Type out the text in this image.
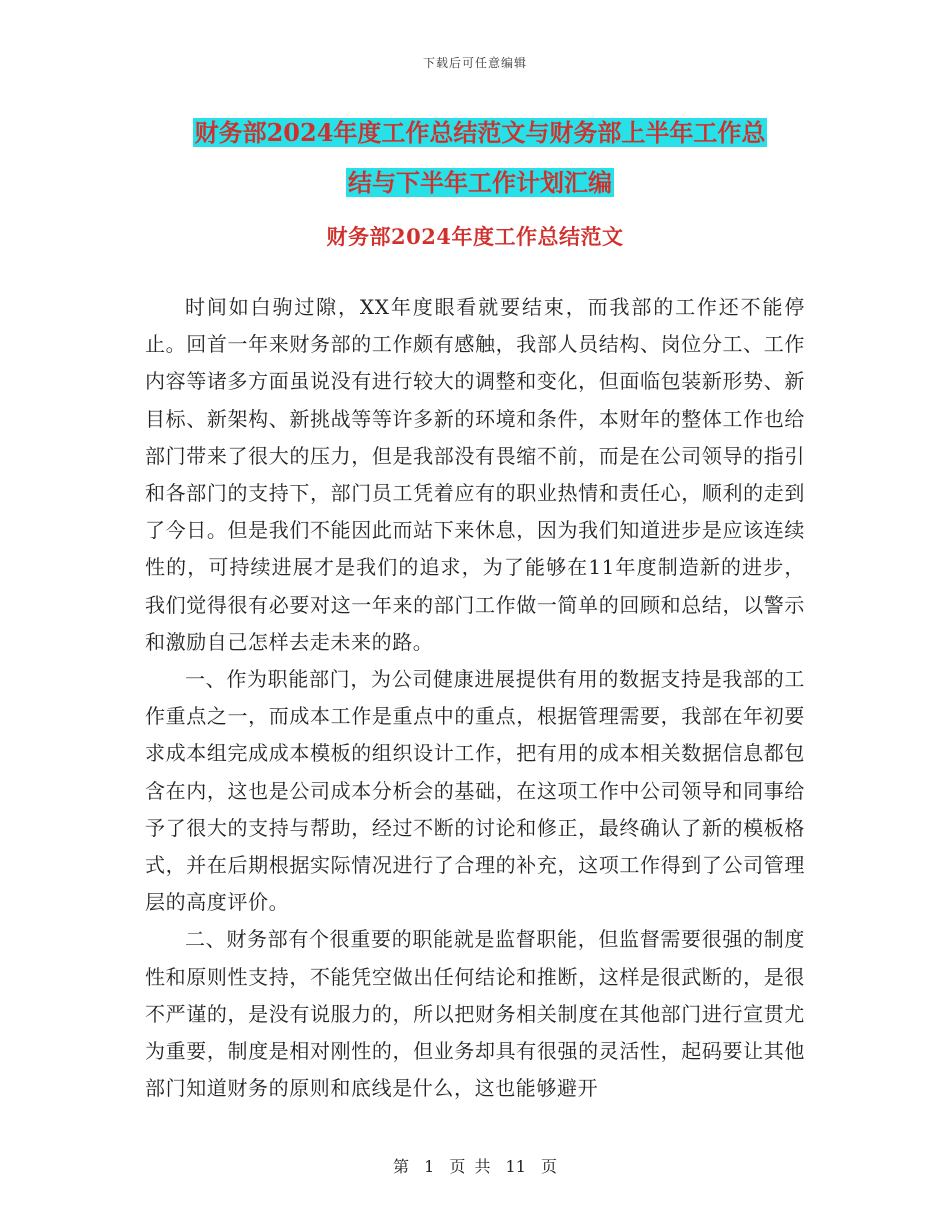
下载后可任意编辑
财务部2024年度工作总结范文与财务部上半年工作总
结与下半年工作计划汇编
财务部2024年度工作总结范文

时间如白驹过隙，XX年度眼看就要结束，而我部的工作还不能停止。回首一年来财务部的工作颇有感触，我部人员结构、岗位分工、工作内容等诸多方面虽说没有进行较大的调整和变化，但面临包装新形势、新目标、新架构、新挑战等等许多新的环境和条件，本财年的整体工作也给部门带来了很大的压力，但是我部没有畏缩不前，而是在公司领导的指引和各部门的支持下，部门员工凭着应有的职业热情和责任心，顺利的走到了今日。但是我们不能因此而站下来休息，因为我们知道进步是应该连续性的，可持续进展才是我们的追求，为了能够在11年度制造新的进步，我们觉得很有必要对这一年来的部门工作做一简单的回顾和总结，以警示和激励自己怎样去走未来的路。

一、作为职能部门，为公司健康进展提供有用的数据支持是我部的工作重点之一，而成本工作是重点中的重点，根据管理需要，我部在年初要求成本组完成成本模板的组织设计工作，把有用的成本相关数据信息都包含在内，这也是公司成本分析会的基础，在这项工作中公司领导和同事给予了很大的支持与帮助，经过不断的讨论和修正，最终确认了新的模板格式，并在后期根据实际情况进行了合理的补充，这项工作得到了公司管理层的高度评价。

二、财务部有个很重要的职能就是监督职能，但监督需要很强的制度性和原则性支持，不能凭空做出任何结论和推断，这样是很武断的，是很不严谨的，是没有说服力的，所以把财务相关制度在其他部门进行宣贯尤为重要，制度是相对刚性的，但业务却具有很强的灵活性，起码要让其他部门知道财务的原则和底线是什么，这也能够避开

第 1 页 共 11 页
